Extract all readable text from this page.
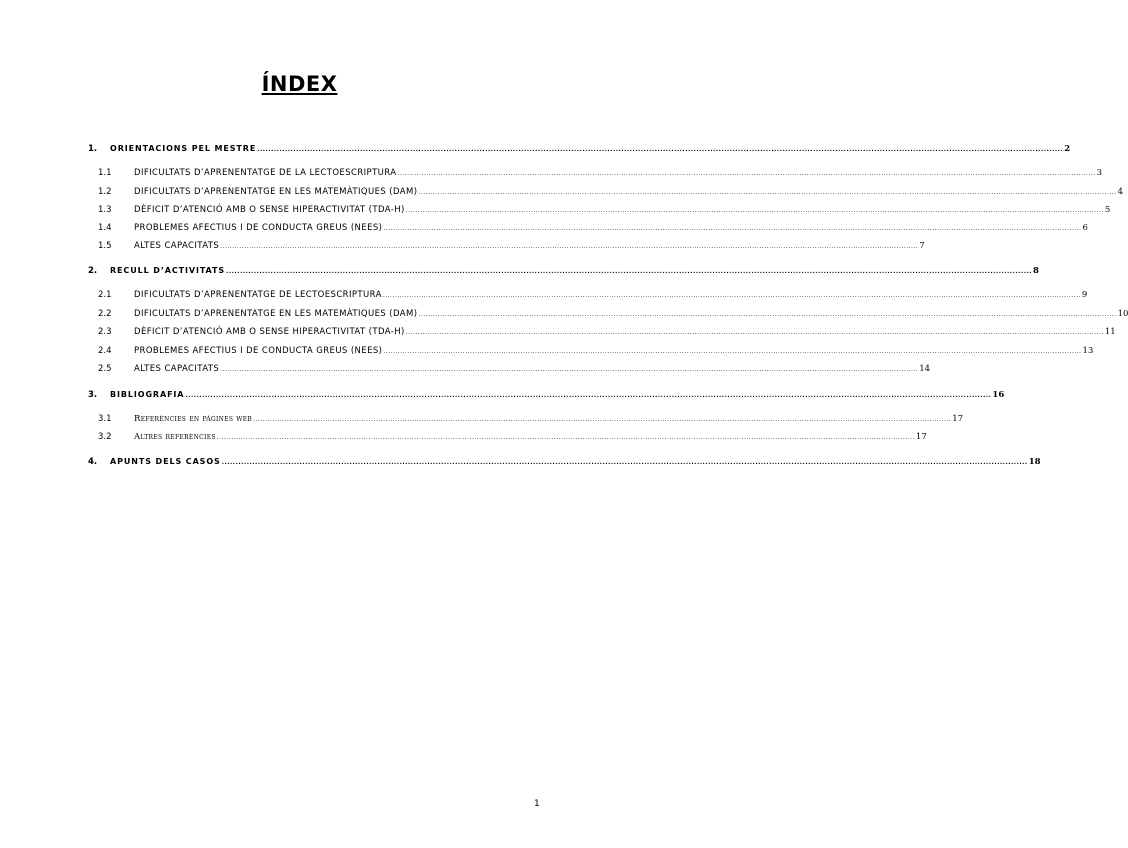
ÍNDEX
1. ORIENTACIONS PEL MESTRE .................................................................................................................................................................................................................................................................................................. 2
1.1	DIFICULTATS D’APRENENTATGE DE LA LECTOESCRIPTURA .................................................................................................................................................................................................................................................................................................. 3
1.2	DIFICULTATS D’APRENENTATGE EN LES MATEMÀTIQUES (DAM) .................................................................................................................................................................................................................................................................................................. 4
1.3	DÈFICIT D’ATENCIÓ AMB O SENSE HIPERACTIVITAT (TDA-H) .................................................................................................................................................................................................................................................................................................. 5
1.4	PROBLEMES AFECTIUS I DE CONDUCTA GREUS (NEES) .................................................................................................................................................................................................................................................................................................. 6
1.5	ALTES CAPACITATS .................................................................................................................................................................................................................................................................................................. 7
2. RECULL D’ACTIVITATS .................................................................................................................................................................................................................................................................................................. 8
2.1	DIFICULTATS D’APRENENTATGE DE LECTOESCRIPTURA .................................................................................................................................................................................................................................................................................................. 9
2.2	DIFICULTATS D’APRENENTATGE EN LES MATEMÀTIQUES (DAM) .................................................................................................................................................................................................................................................................................................. 10
2.3	DÈFICIT D’ATENCIÓ AMB O SENSE HIPERACTIVITAT (TDA-H) .................................................................................................................................................................................................................................................................................................. 11
2.4	PROBLEMES AFECTIUS I DE CONDUCTA GREUS (NEES) .................................................................................................................................................................................................................................................................................................. 13
2.5	ALTES CAPACITATS .................................................................................................................................................................................................................................................................................................. 14
3. BIBLIOGRAFIA .................................................................................................................................................................................................................................................................................................. 16
3.1	Referències en pàgines web .................................................................................................................................................................................................................................................................................................. 17
3.2	Altres referències .................................................................................................................................................................................................................................................................................................. 17
4. APUNTS DELS CASOS .................................................................................................................................................................................................................................................................................................. 18
1
